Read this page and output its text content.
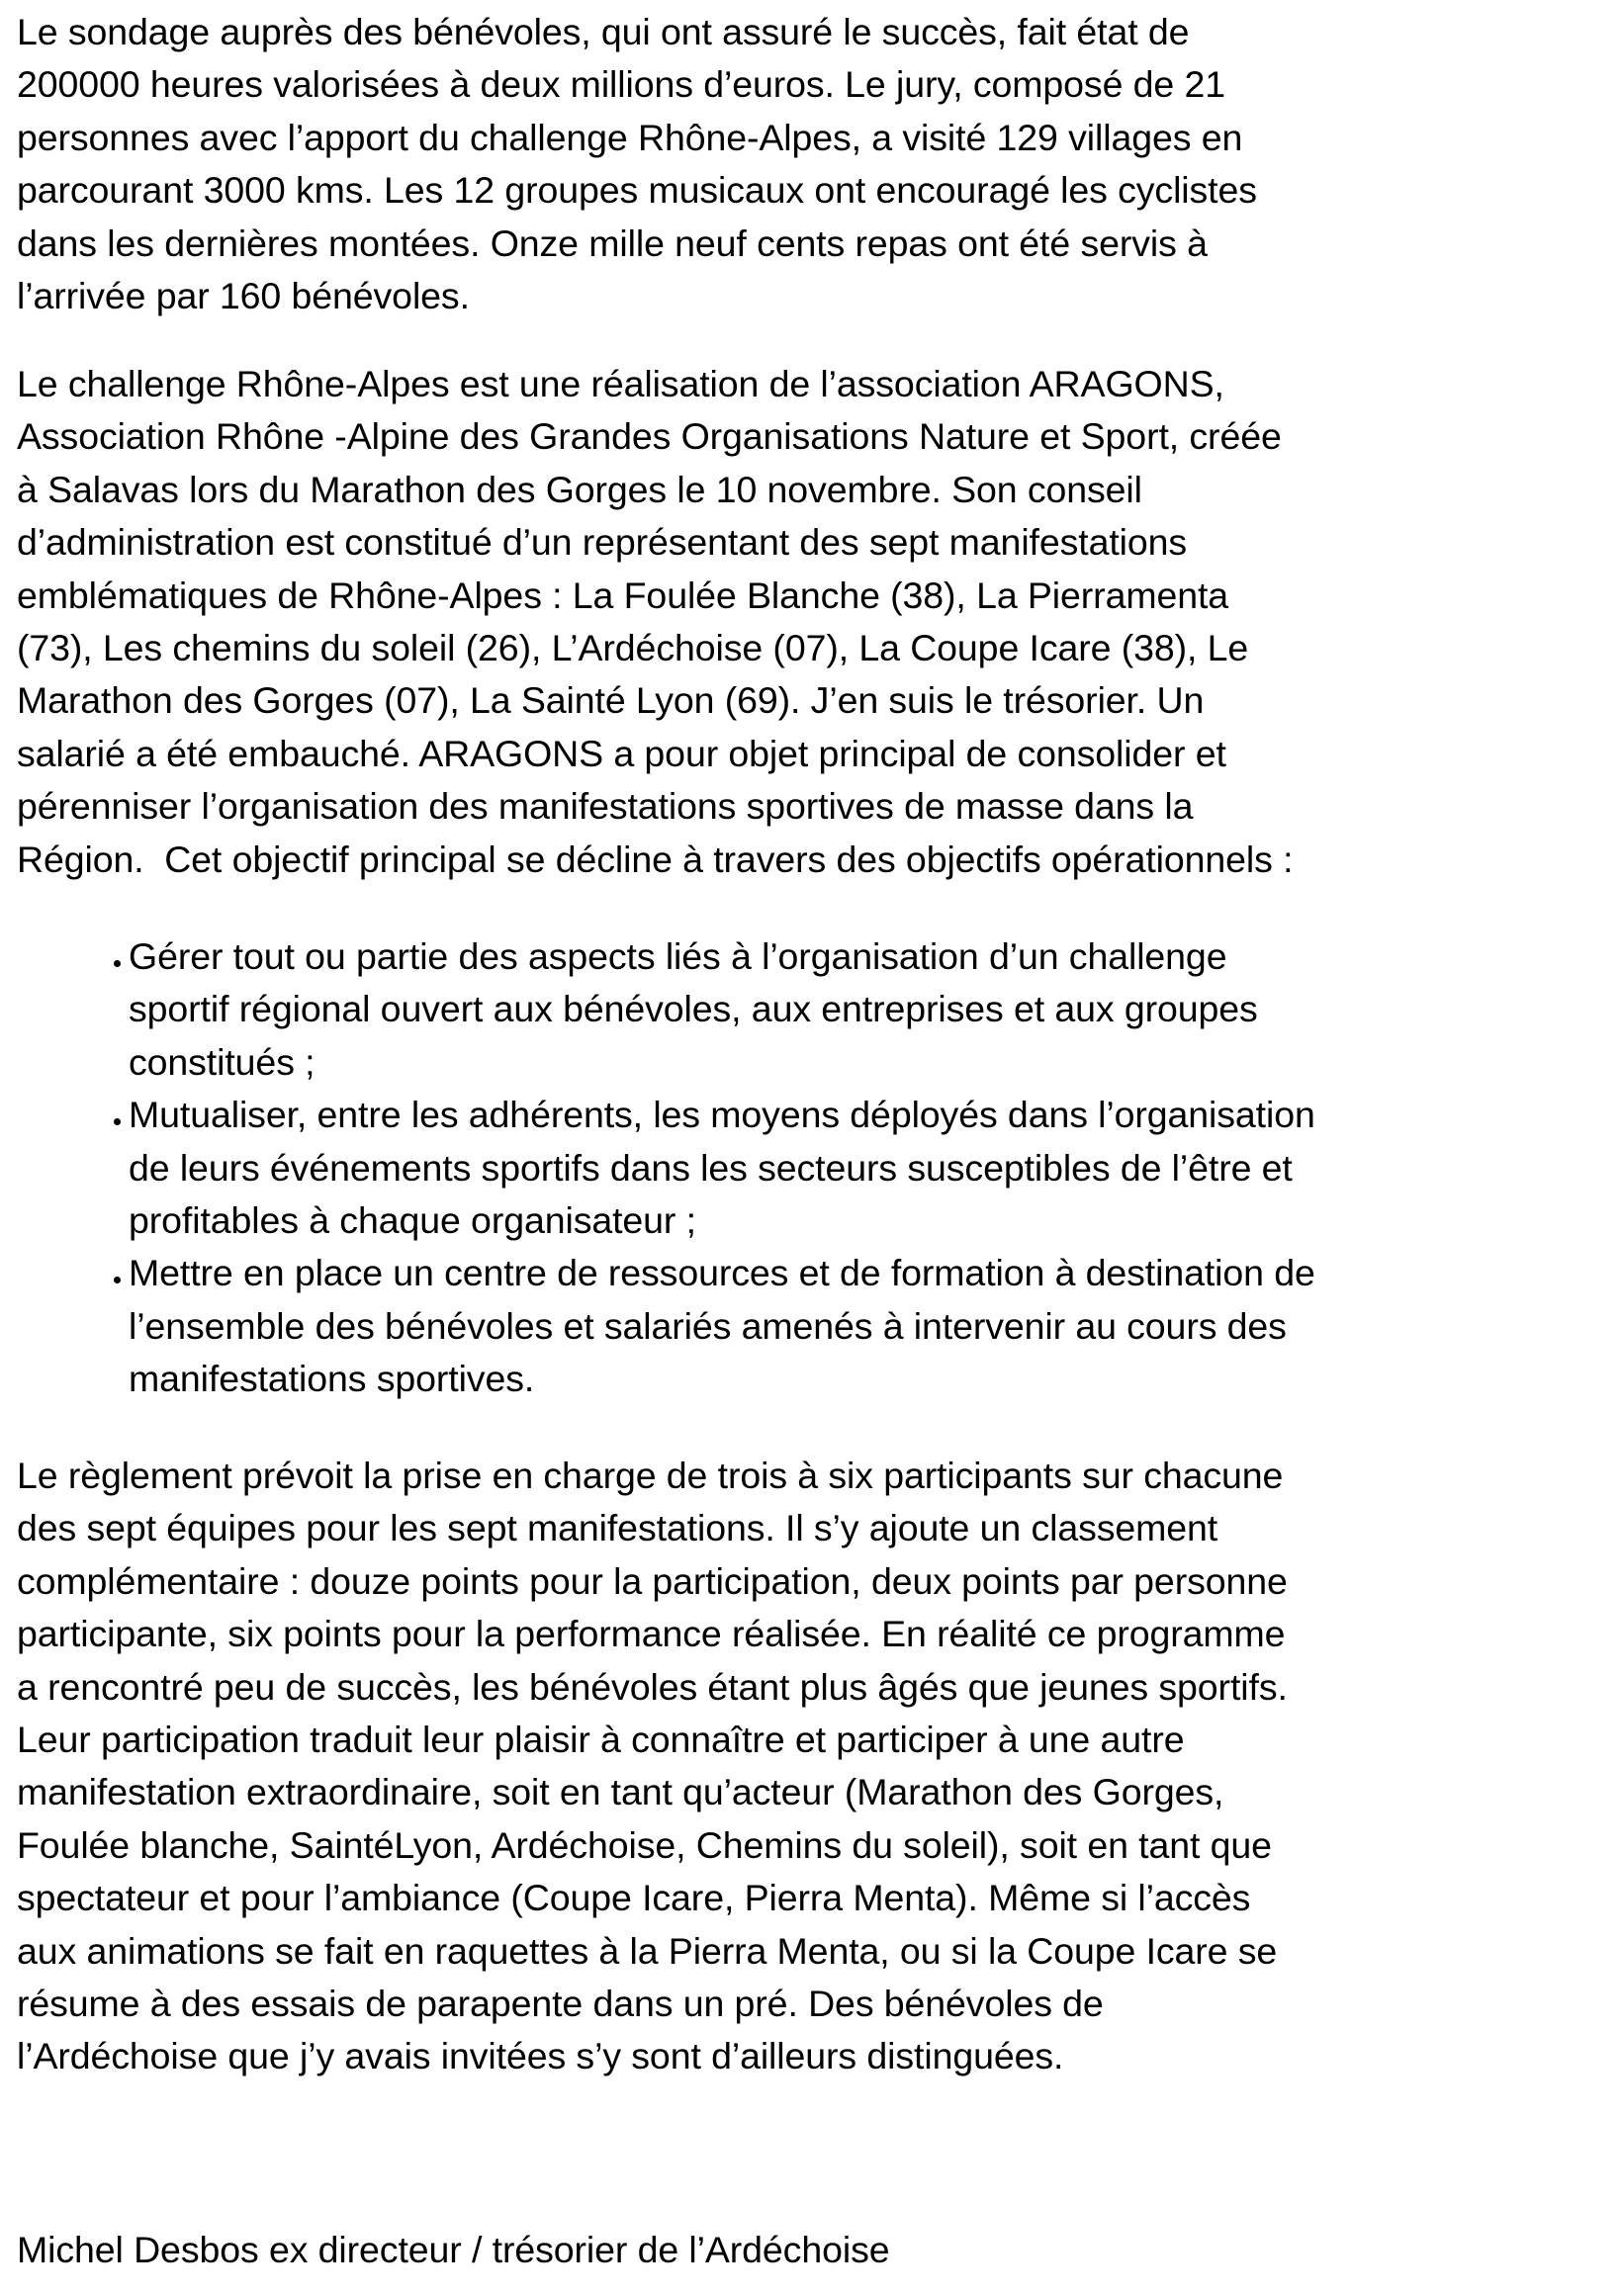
Le sondage auprès des bénévoles, qui ont assuré le succès, fait état de
200000 heures valorisées à deux millions d’euros. Le jury, composé de 21
personnes avec l’apport du challenge Rhône-Alpes, a visité 129 villages en
parcourant 3000 kms. Les 12 groupes musicaux ont encouragé les cyclistes
dans les dernières montées. Onze mille neuf cents repas ont été servis à
l’arrivée par 160 bénévoles.

Le challenge Rhône-Alpes est une réalisation de l’association ARAGONS,
Association Rhône -Alpine des Grandes Organisations Nature et Sport, créée
à Salavas lors du Marathon des Gorges le 10 novembre. Son conseil
d’administration est constitué d’un représentant des sept manifestations
emblématiques de Rhône-Alpes : La Foulée Blanche (38), La Pierramenta
(73), Les chemins du soleil (26), L’Ardéchoise (07), La Coupe Icare (38), Le
Marathon des Gorges (07), La Sainté Lyon (69). J’en suis le trésorier. Un
salarié a été embauché. ARAGONS a pour objet principal de consolider et
pérenniser l’organisation des manifestations sportives de masse dans la
Région.  Cet objectif principal se décline à travers des objectifs opérationnels :

Gérer tout ou partie des aspects liés à l’organisation d’un challenge
sportif régional ouvert aux bénévoles, aux entreprises et aux groupes
constitués ;
Mutualiser, entre les adhérents, les moyens déployés dans l’organisation
de leurs événements sportifs dans les secteurs susceptibles de l’être et
profitables à chaque organisateur ;
Mettre en place un centre de ressources et de formation à destination de
l’ensemble des bénévoles et salariés amenés à intervenir au cours des
manifestations sportives.

Le règlement prévoit la prise en charge de trois à six participants sur chacune
des sept équipes pour les sept manifestations. Il s’y ajoute un classement
complémentaire : douze points pour la participation, deux points par personne
participante, six points pour la performance réalisée. En réalité ce programme
a rencontré peu de succès, les bénévoles étant plus âgés que jeunes sportifs.
Leur participation traduit leur plaisir à connaître et participer à une autre
manifestation extraordinaire, soit en tant qu’acteur (Marathon des Gorges,
Foulée blanche, SaintéLyon, Ardéchoise, Chemins du soleil), soit en tant que
spectateur et pour l’ambiance (Coupe Icare, Pierra Menta). Même si l’accès
aux animations se fait en raquettes à la Pierra Menta, ou si la Coupe Icare se
résume à des essais de parapente dans un pré. Des bénévoles de
l’Ardéchoise que j’y avais invitées s’y sont d’ailleurs distinguées.

Michel Desbos ex directeur / trésorier de l’Ardéchoise
